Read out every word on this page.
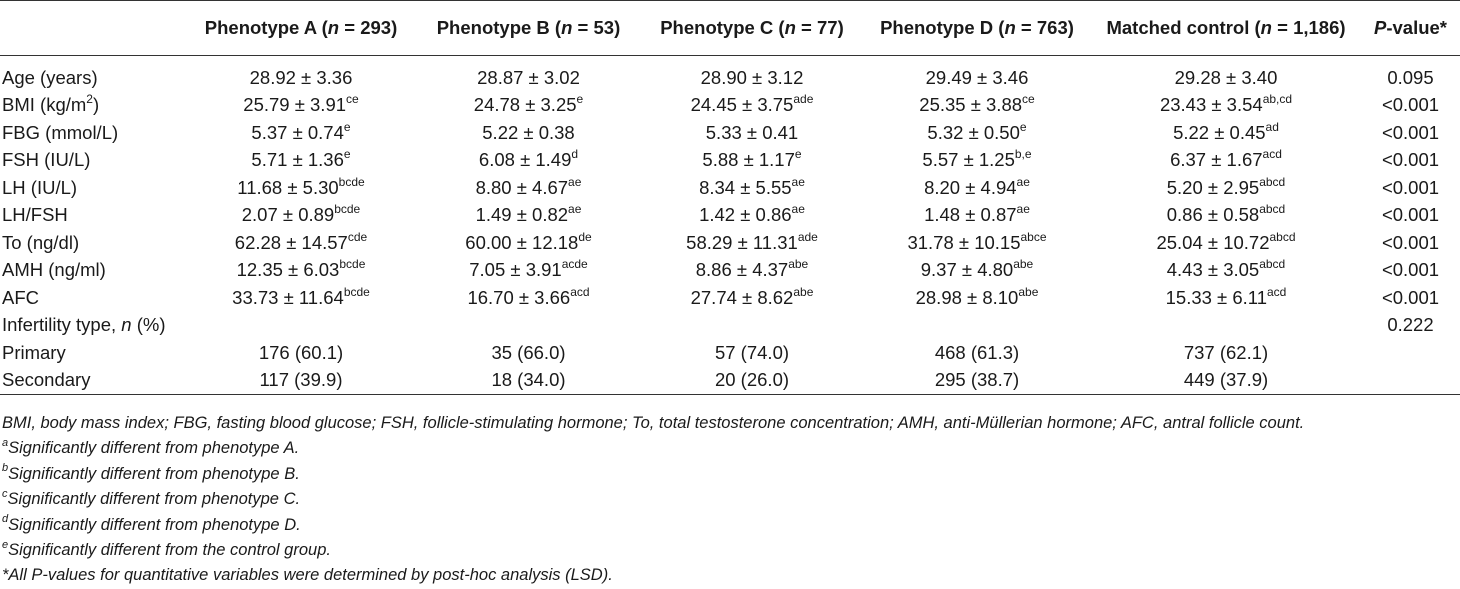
	Phenotype A (n = 293)	Phenotype B (n = 53)	Phenotype C (n = 77)	Phenotype D (n = 763)	Matched control (n = 1,186)	P-value*

Age (years)	28.92 ± 3.36	28.87 ± 3.02	28.90 ± 3.12	29.49 ± 3.46	29.28 ± 3.40	0.095
BMI $(kg/m^2)$	25.79 ± 3.91$^{ce}$	24.78 ± 3.25$^e$	24.45 ± 3.75$^{ade}$	25.35 ± 3.88$^{ce}$	$23.43 \pm 3.54^{ab,cd}$	<0.001
FBG (mmol/L)	5.37 ± 0.74$^e$	5.22 ± 0.38	5.33 ± 0.41	5.32 ± 0.50$^e$	5.22 ± 0.45$^{ad}$	<0.001
FSH (IU/L)	5.71 ± 1.36$^e$	6.08 ± 1.49$^d$	5.88 ± 1.17$^e$	$5.57 \pm 1.25^{b,e}$	6.37 ± 1.67$^{acd}$	<0.001
LH (IU/L)	$11.68 \pm 5.30^{bcde}$	8.80 ± 4.67$^{ae}$	8.34 ± 5.55$^{ae}$	8.20 ± 4.94$^{ae}$	$5.20 \pm 2.95^{abcd}$	<0.001
LH/FSH	$2.07 \pm 0.89^{bcde}$	1.49 ± 0.82$^{ae}$	1.42 ± 0.86$^{ae}$	1.48 ± 0.87$^{ae}$	$0.86 \pm 0.58^{abcd}$	<0.001
To (ng/dl)	62.28 ± 14.57$^{cde}$	60.00 ± 12.18de	58.29 ± 11.31$^{ade}$	$31.78 \pm 10.15^{abce}$	$25.04 \pm 10.72^{abcd}$	<0.001
AMH (ng/ml)	$12.35 \pm 6.03^{bcde}$	$7.05 \pm 3.91^{acde}$	8.86 ± 4.37$^{abe}$	9.37 ± 4.80$^{abe}$	$4.43 \pm 3.05^{abcd}$	<0.001
AFC	$33.73 \pm 11.64^{bcde}$	16.70 ± 3.66$^{acd}$	27.74 ± 8.62$^{abe}$	28.98 ± 8.10$^{abe}$	15.33 ± 6.11$^{acd}$	<0.001
Infertility type, n (%)						0.222
Primary	176 (60.1)	35 (66.0)	57 (74.0)	468 (61.3)	737 (62.1)	
Secondary	117 (39.9)	18 (34.0)	20 (26.0)	295 (38.7)	449 (37.9)	
BMI, body mass index; FBG, fasting blood glucose; FSH, follicle-stimulating hormone; To, total testosterone concentration; AMH, anti-Müllerian hormone; AFC, antral follicle count.
$^a$Significantly different from phenotype A.
$^b$Significantly different from phenotype B.
$^c$Significantly different from phenotype C.
$^d$Significantly different from phenotype D.
$^e$Significantly different from the control group.
*All P-values for quantitative variables were determined by post-hoc analysis (LSD).
